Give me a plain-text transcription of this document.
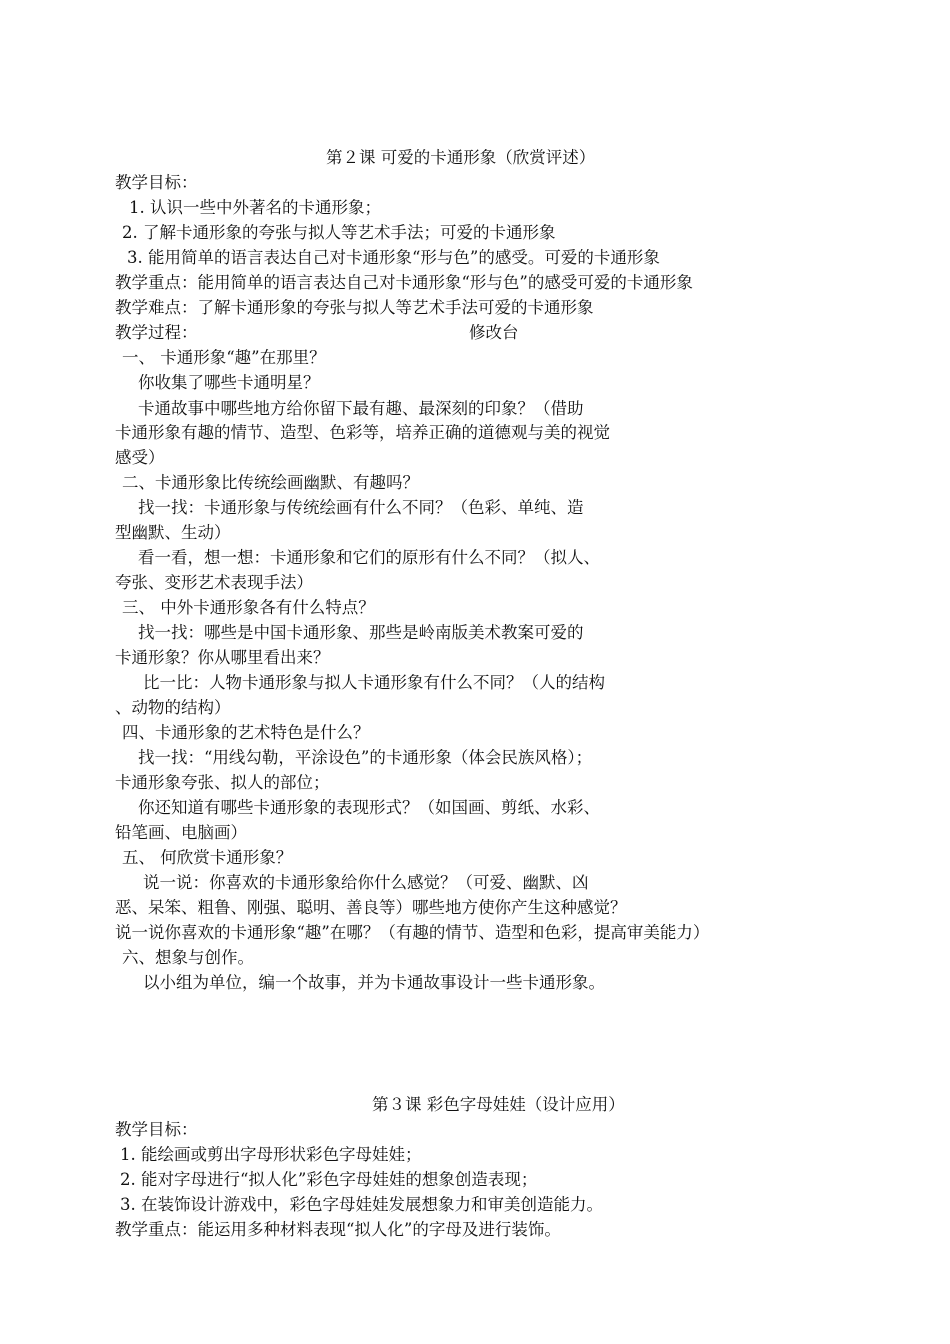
第２课 可爱的卡通形象（欣赏评述）
教学目标：
1. 认识一些中外著名的卡通形象；
2. 了解卡通形象的夸张与拟人等艺术手法；可爱的卡通形象
3. 能用简单的语言表达自己对卡通形象“形与色”的感受。可爱的卡通形象
教学重点：能用简单的语言表达自己对卡通形象“形与色”的感受可爱的卡通形象
教学难点：了解卡通形象的夸张与拟人等艺术手法可爱的卡通形象
教学过程：	修改台
一、 卡通形象“趣”在那里？
你收集了哪些卡通明星？
卡通故事中哪些地方给你留下最有趣、最深刻的印象？（借助
卡通形象有趣的情节、造型、色彩等，培养正确的道德观与美的视觉
感受）
二、卡通形象比传统绘画幽默、有趣吗？
找一找：卡通形象与传统绘画有什么不同？（色彩、单纯、造
型幽默、生动）
看一看，想一想：卡通形象和它们的原形有什么不同？（拟人、
夸张、变形艺术表现手法）
三、 中外卡通形象各有什么特点？
找一找：哪些是中国卡通形象、那些是岭南版美术教案可爱的
卡通形象？你从哪里看出来？
比一比：人物卡通形象与拟人卡通形象有什么不同？（人的结构
、动物的结构）
四、卡通形象的艺术特色是什么？
找一找：“用线勾勒，平涂设色”的卡通形象（体会民族风格）；
卡通形象夸张、拟人的部位；
你还知道有哪些卡通形象的表现形式？（如国画、剪纸、水彩、
铅笔画、电脑画）
五、 何欣赏卡通形象？
说一说：你喜欢的卡通形象给你什么感觉？（可爱、幽默、凶
恶、呆笨、粗鲁、刚强、聪明、善良等）哪些地方使你产生这种感觉？
说一说你喜欢的卡通形象“趣”在哪？（有趣的情节、造型和色彩，提高审美能力）
六、想象与创作。
以小组为单位，编一个故事，并为卡通故事设计一些卡通形象。
第３课 彩色字母娃娃（设计应用）
教学目标：
1. 能绘画或剪出字母形状彩色字母娃娃；
2. 能对字母进行“拟人化”彩色字母娃娃的想象创造表现；
3. 在装饰设计游戏中，彩色字母娃娃发展想象力和审美创造能力。
教学重点：能运用多种材料表现“拟人化”的字母及进行装饰。
